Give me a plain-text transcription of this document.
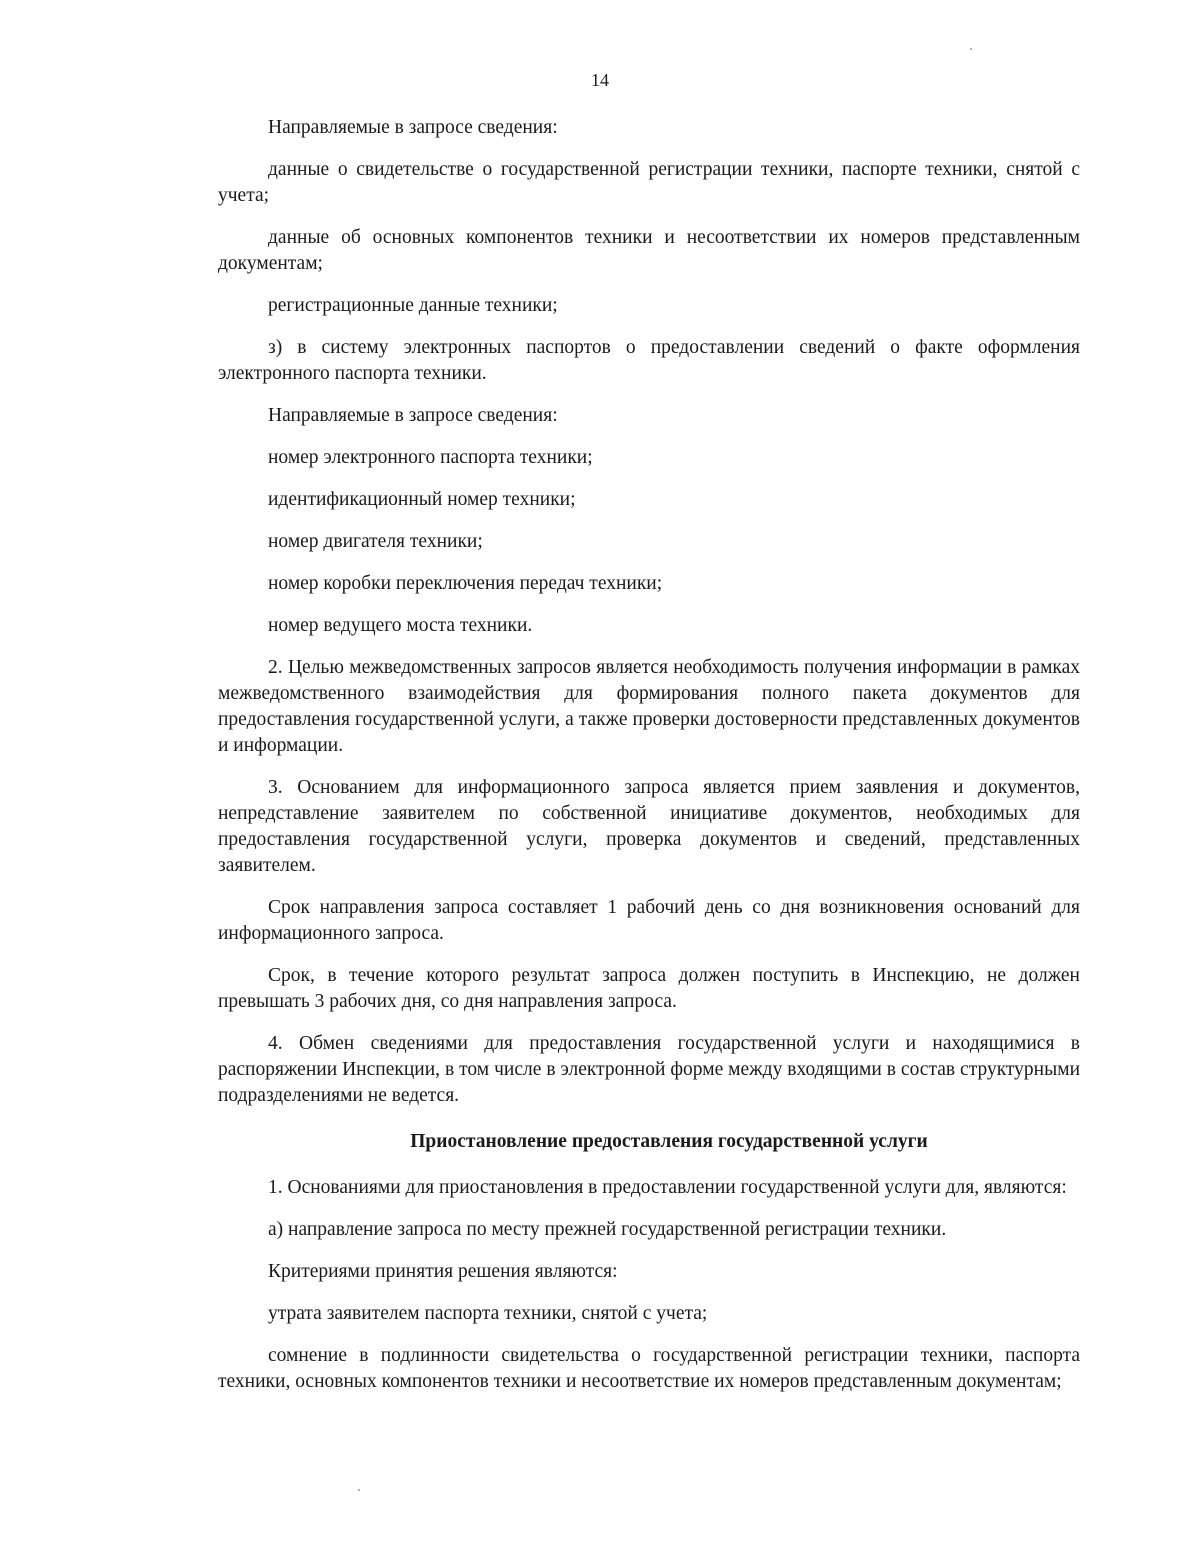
14

Направляемые в запросе сведения:

данные о свидетельстве о государственной регистрации техники, паспорте техники, снятой с учета;

данные об основных компонентов техники и несоответствии их номеров представленным документам;

регистрационные данные техники;

з) в систему электронных паспортов о предоставлении сведений о факте оформления электронного паспорта техники.

Направляемые в запросе сведения:

номер электронного паспорта техники;

идентификационный номер техники;

номер двигателя техники;

номер коробки переключения передач техники;

номер ведущего моста техники.

2. Целью межведомственных запросов является необходимость получения информации в рамках межведомственного взаимодействия для формирования полного пакета документов для предоставления государственной услуги, а также проверки достоверности представленных документов и информации.

3. Основанием для информационного запроса является прием заявления и документов, непредставление заявителем по собственной инициативе документов, необходимых для предоставления государственной услуги, проверка документов и сведений, представленных заявителем.

Срок направления запроса составляет 1 рабочий день со дня возникновения оснований для информационного запроса.

Срок, в течение которого результат запроса должен поступить в Инспекцию, не должен превышать 3 рабочих дня, со дня направления запроса.

4. Обмен сведениями для предоставления государственной услуги и находящимися в распоряжении Инспекции, в том числе в электронной форме между входящими в состав структурными подразделениями не ведется.

Приостановление предоставления государственной услуги

1. Основаниями для приостановления в предоставлении государственной услуги для, являются:

а) направление запроса по месту прежней государственной регистрации техники.

Критериями принятия решения являются:

утрата заявителем паспорта техники, снятой с учета;

сомнение в подлинности свидетельства о государственной регистрации техники, паспорта техники, основных компонентов техники и несоответствие их номеров представленным документам;
